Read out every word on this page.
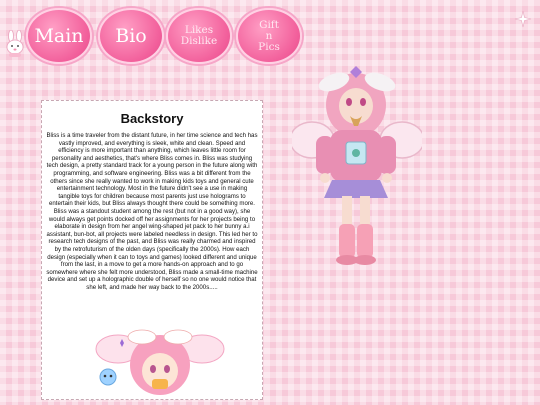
Main Bio	Likes
Dislike
Gift
n
Pics
Backstory
Bliss is a time traveler from the distant future, in her time science and tech has vastly improved, and everything is sleek, white and clean. Speed and efficiency is more important than anything, which leaves little room for personality and aesthetics, that's where Bliss comes in. Bliss was studying tech design, a pretty standard track for a young person in the future along with programming, and software engineering. Bliss was a bit different from the others since she really wanted to work in making kids toys and general cute entertainment technology. Most in the future didn't see a use in making tangible toys for children because most parents just use holograms to entertain their kids, but Bliss always thought there could be something more. Bliss was a standout student among the rest (but not in a good way), she would always get points docked off her assignments for her projects being to elaborate in design from her angel wing-shaped jet pack to her bunny a.i assistant, bun-bot, all projects were labeled needless in design. This led her to research tech designs of the past, and Bliss was really charmed and inspired by the retrofuturism of the olden days (specifically the 2000s). How each design (especially when it can to toys and games) looked different and unique from the last, in a move to get a more hands-on approach and to go somewhere where she felt more understood, Bliss made a small-time machine device and set up a holographic double of herself so no one would notice that she left, and made her way back to the 2000s.....
